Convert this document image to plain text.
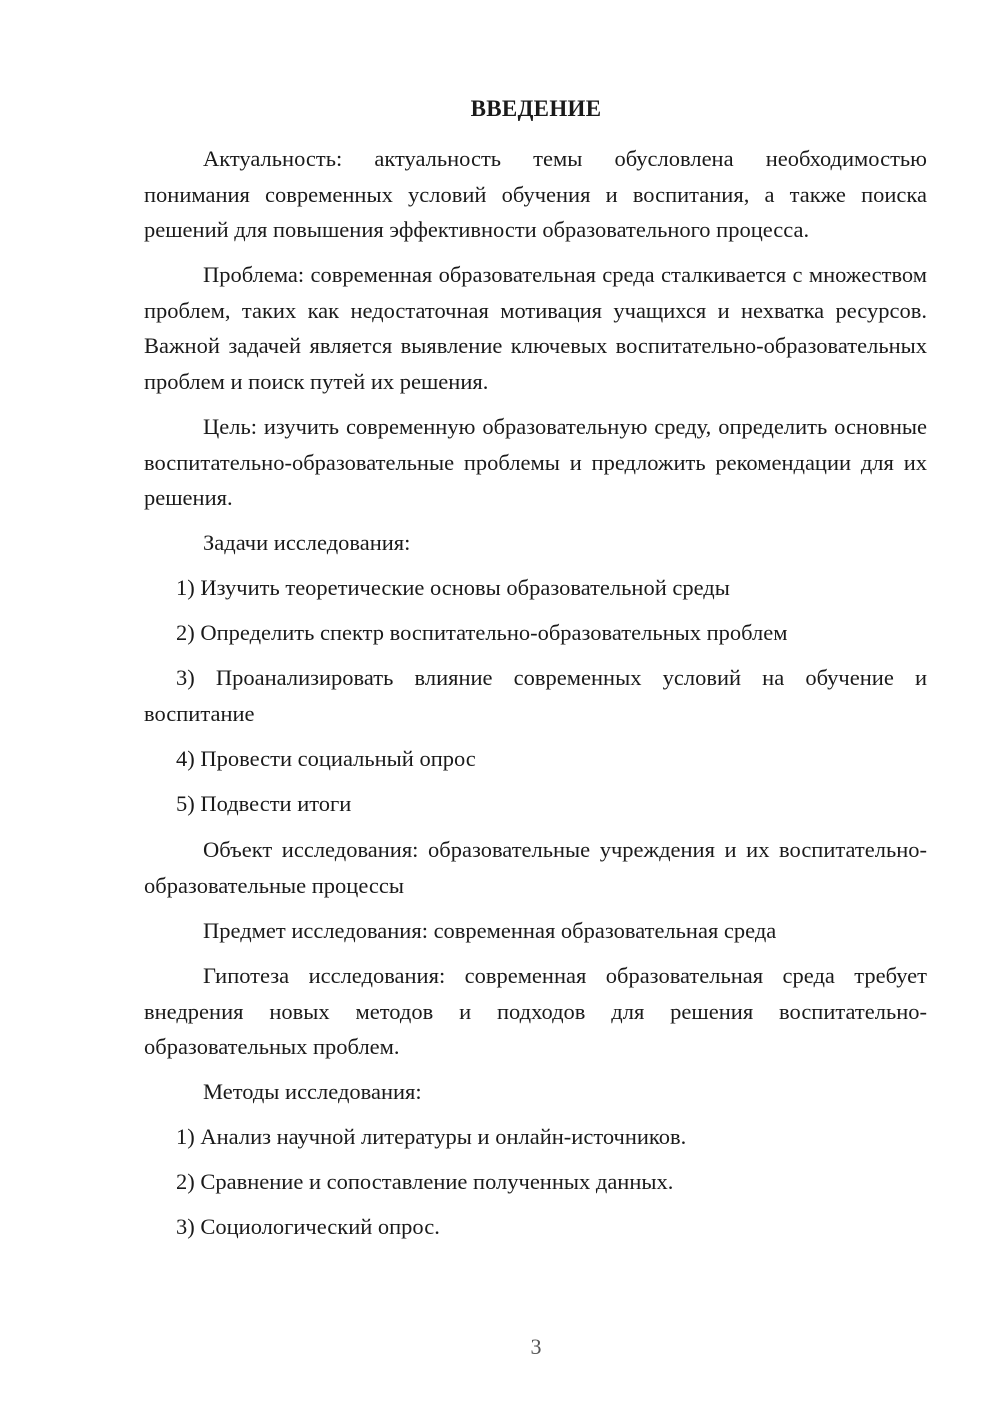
ВВЕДЕНИЕ

Актуальность: актуальность темы обусловлена необходимостью понимания современных условий обучения и воспитания, а также поиска решений для повышения эффективности образовательного процесса.

Проблема: современная образовательная среда сталкивается с множеством проблем, таких как недостаточная мотивация учащихся и нехватка ресурсов. Важной задачей является выявление ключевых воспитательно-образовательных проблем и поиск путей их решения.

Цель: изучить современную образовательную среду, определить основные воспитательно-образовательные проблемы и предложить рекомендации для их решения.

Задачи исследования:

1) Изучить теоретические основы образовательной среды

2) Определить спектр воспитательно-образовательных проблем

3) Проанализировать влияние современных условий на обучение и воспитание

4) Провести социальный опрос

5) Подвести итоги

Объект исследования: образовательные учреждения и их воспитательно-образовательные процессы

Предмет исследования: современная образовательная среда

Гипотеза исследования: современная образовательная среда требует внедрения новых методов и подходов для решения воспитательно-образовательных проблем.

Методы исследования:

1) Анализ научной литературы и онлайн-источников.

2) Сравнение и сопоставление полученных данных.

3) Социологический опрос.

3
